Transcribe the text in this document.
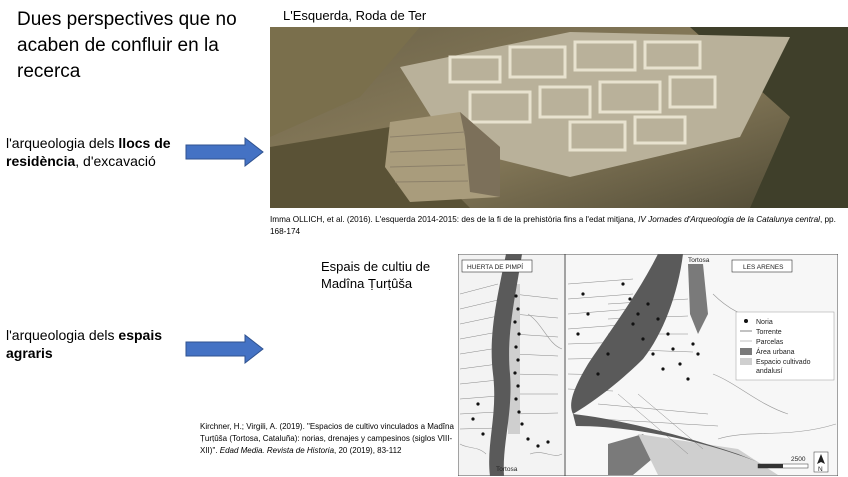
Dues perspectives que no acaben de confluir en la recerca
l'arqueologia dels llocs de residència, d'excavació
l'arqueologia dels espais agraris
L'Esquerda, Roda de Ter
Imma OLLICH, et al. (2016). L'esquerda 2014-2015: des de la fi de la prehistòria fins a l'edat mitjana, IV Jornades d'Arqueologia de la Catalunya central, pp. 168-174
Espais de cultiu de
Madîna Ṭurṭûša
HUERTA DE PIMPÍ
Tortosa
Tortosa
LES ARENES
Noria
Torrente
Parcelas
Área urbana
Espacio cultivado
andalusí
2500
N
Kirchner, H.; Virgili, A. (2019). "Espacios de cultivo vinculados a Madîna Ṭurṭûša (Tortosa, Cataluña): norias, drenajes y campesinos (siglos VIII-XII)". Edad Media. Revista de Historia, 20 (2019), 83-112
